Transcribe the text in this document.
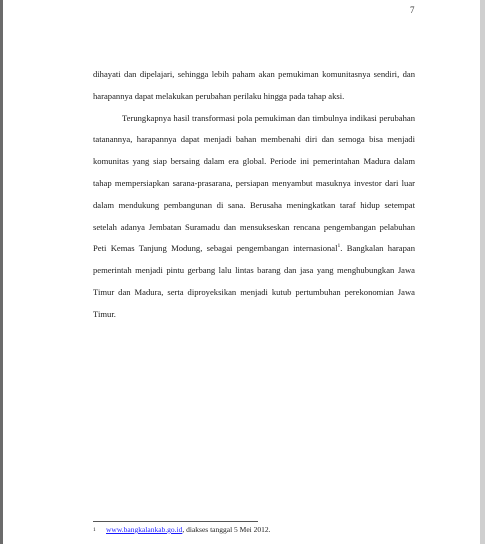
7

dihayati dan dipelajari, sehingga lebih paham akan pemukiman komunitasnya sendiri, dan harapannya dapat melakukan perubahan perilaku hingga pada tahap aksi.

Terungkapnya hasil transformasi pola pemukiman dan timbulnya indikasi perubahan tatanannya, harapannya dapat menjadi bahan membenahi diri dan semoga bisa menjadi komunitas yang siap bersaing dalam era global. Periode ini pemerintahan Madura dalam tahap mempersiapkan sarana-prasarana, persiapan menyambut masuknya investor dari luar dalam mendukung pembangunan di sana. Berusaha meningkatkan taraf hidup setempat setelah adanya Jembatan Suramadu dan mensukseskan rencana pengembangan pelabuhan Peti Kemas Tanjung Modung, sebagai pengembangan internasional$^1$. Bangkalan harapan pemerintah menjadi pintu gerbang lalu lintas barang dan jasa yang menghubungkan Jawa Timur dan Madura, serta diproyeksikan menjadi kutub pertumbuhan perekonomian Jawa Timur.

1 www.bangkalankab.go.id, diakses tanggal 5 Mei 2012.
